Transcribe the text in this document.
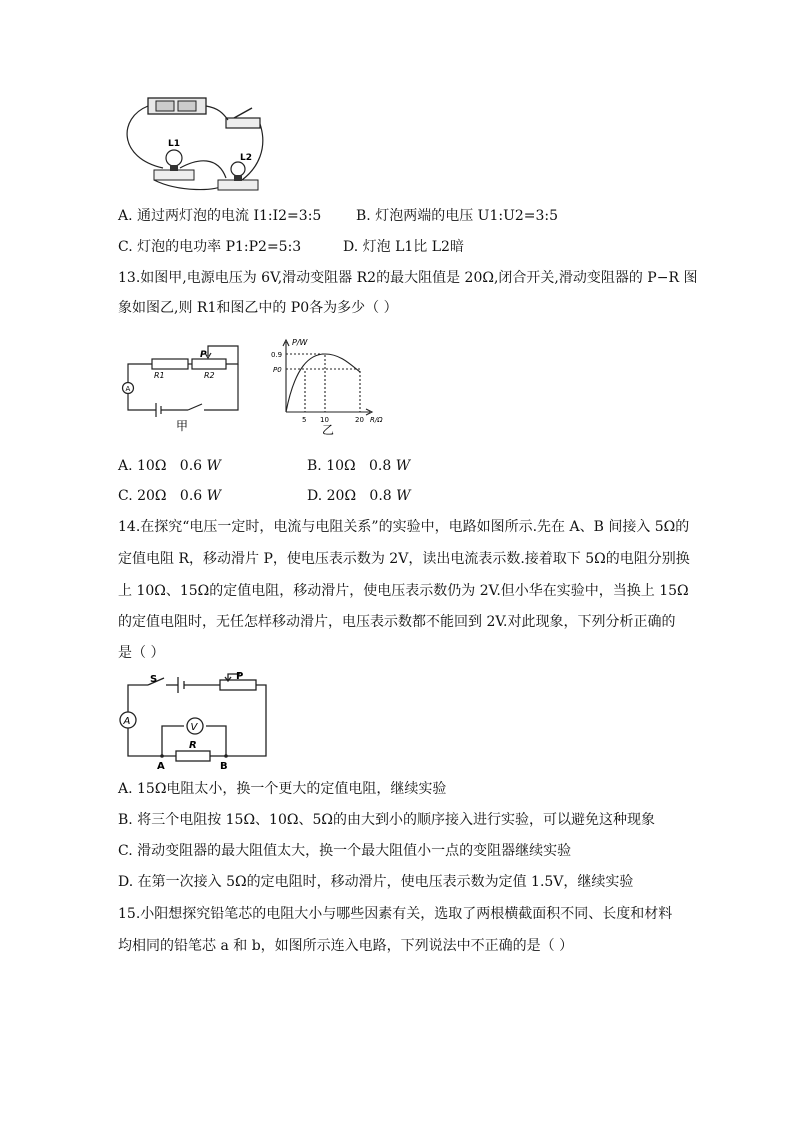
L1
L2
A. 通过两灯泡的电流 I1:I2=3:5 B. 灯泡两端的电压 U1:U2=3:5
C. 灯泡的电功率 P1:P2=5:3	D. 灯泡 L1比 L2暗
13.如图甲,电源电压为 6V,滑动变阻器 R2的最大阻值是 20Ω,闭合开关,滑动变阻器的 P−R 图
象如图乙,则 R1和图乙中的 P0各为多少（ ）
A
R1	R2
P
甲
P/W
0.9
P0
5 10	20 R/Ω
乙
A. 10Ω 0.6 W	B. 10Ω 0.8 W
C. 20Ω 0.6 W	D. 20Ω 0.8 W
14.在探究“电压一定时，电流与电阻关系”的实验中，电路如图所示.先在 A、B 间接入 5Ω的
定值电阻 R，移动滑片 P，使电压表示数为 2V，读出电流表示数.接着取下 5Ω的电阻分别换
上 10Ω、15Ω的定值电阻，移动滑片，使电压表示数仍为 2V.但小华在实验中，当换上 15Ω
的定值电阻时，无任怎样移动滑片，电压表示数都不能回到 2V.对此现象，下列分析正确的
是（ ）
A
V
S	P
R
A	B
A. 15Ω电阻太小，换一个更大的定值电阻，继续实验
B. 将三个电阻按 15Ω、10Ω、5Ω的由大到小的顺序接入进行实验，可以避免这种现象
C. 滑动变阻器的最大阻值太大，换一个最大阻值小一点的变阻器继续实验
D. 在第一次接入 5Ω的定电阻时，移动滑片，使电压表示数为定值 1.5V，继续实验
15.小阳想探究铅笔芯的电阻大小与哪些因素有关，选取了两根横截面积不同、长度和材料
均相同的铅笔芯 a 和 b，如图所示连入电路，下列说法中不正确的是（ ）
